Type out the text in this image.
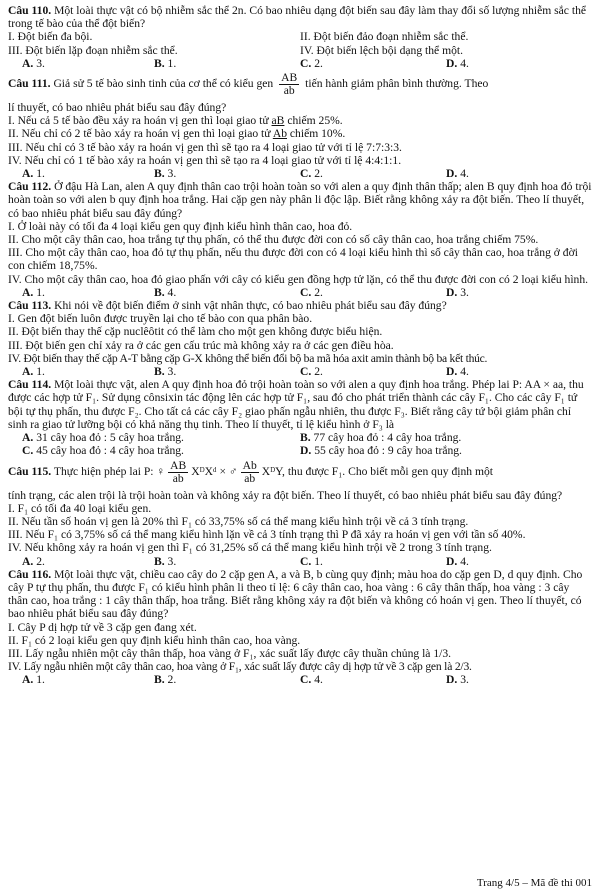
Câu 110. Một loài thực vật có bộ nhiễm sắc thể 2n. Có bao nhiêu dạng đột biến sau đây làm thay đổi số lượng nhiễm sắc thể trong tế bào của thể đột biến?

I. Đột biến đa bội.	II. Đột biến đảo đoạn nhiễm sắc thể.
III. Đột biến lặp đoạn nhiễm sắc thể.	IV. Đột biến lệch bội dạng thể một.
A. 3.	B. 1.	C. 2.	D. 4.

Câu 111. Giả sử 5 tế bào sinh tinh của cơ thể có kiểu gen $\frac{AB}{ab}$ tiến hành giảm phân bình thường. Theo

lí thuyết, có bao nhiêu phát biểu sau đây đúng?

I. Nếu cả 5 tế bào đều xảy ra hoán vị gen thì loại giao tử aB chiếm 25%.

II. Nếu chỉ có 2 tế bào xảy ra hoán vị gen thì loại giao tử Ab chiếm 10%.

III. Nếu chỉ có 3 tế bào xảy ra hoán vị gen thì sẽ tạo ra 4 loại giao tử với tỉ lệ 7:7:3:3.

IV. Nếu chỉ có 1 tế bào xảy ra hoán vị gen thì sẽ tạo ra 4 loại giao tử với tỉ lệ 4:4:1:1.

A. 1.	B. 3.	C. 2.	D. 4.

Câu 112. Ở đậu Hà Lan, alen A quy định thân cao trội hoàn toàn so với alen a quy định thân thấp; alen B quy định hoa đỏ trội hoàn toàn so với alen b quy định hoa trắng. Hai cặp gen này phân li độc lập. Biết rằng không xảy ra đột biến. Theo lí thuyết, có bao nhiêu phát biểu sau đây đúng?

I. Ở loài này có tối đa 4 loại kiểu gen quy định kiểu hình thân cao, hoa đỏ.

II. Cho một cây thân cao, hoa trắng tự thụ phấn, có thể thu được đời con có số cây thân cao, hoa trắng chiếm 75%.

III. Cho một cây thân cao, hoa đỏ tự thụ phấn, nếu thu được đời con có 4 loại kiểu hình thì số cây thân cao, hoa trắng ở đời con chiếm 18,75%.

IV. Cho một cây thân cao, hoa đỏ giao phấn với cây có kiểu gen đồng hợp tử lặn, có thể thu được đời con có 2 loại kiểu hình.

A. 1.	B. 4.	C. 2.	D. 3.

Câu 113. Khi nói về đột biến điểm ở sinh vật nhân thực, có bao nhiêu phát biểu sau đây đúng?

I. Gen đột biến luôn được truyền lại cho tế bào con qua phân bào.

II. Đột biến thay thế cặp nuclêôtit có thể làm cho một gen không được biểu hiện.

III. Đột biến gen chỉ xảy ra ở các gen cấu trúc mà không xảy ra ở các gen điều hòa.

IV. Đột biến thay thế cặp A-T bằng cặp G-X không thể biến đổi bộ ba mã hóa axit amin thành bộ ba kết thúc.

A. 1.	B. 3.	C. 2.	D. 4.

Câu 114. Một loài thực vật, alen A quy định hoa đỏ trội hoàn toàn so với alen a quy định hoa trắng. Phép lai P: AA × aa, thu được các hợp tử F₁. Sử dụng cônsixin tác động lên các hợp tử F₁, sau đó cho phát triển thành các cây F₁. Cho các cây F₁ tứ bội tự thụ phấn, thu được F₂. Cho tất cả các cây F₂ giao phấn ngẫu nhiên, thu được F₃. Biết rằng cây tứ bội giảm phân chỉ sinh ra giao tử lưỡng bội có khả năng thụ tinh. Theo lí thuyết, tỉ lệ kiểu hình ở F₃ là

A. 31 cây hoa đỏ : 5 cây hoa trắng.	B. 77 cây hoa đỏ : 4 cây hoa trắng.
C. 45 cây hoa đỏ : 4 cây hoa trắng.	D. 55 cây hoa đỏ : 9 cây hoa trắng.

Câu 115. Thực hiện phép lai P: ♀ $\frac{AB}{ab}$ XᴰXᵈ × ♂ $\frac{Ab}{ab}$ XᴰY, thu được F₁. Cho biết mỗi gen quy định một

tính trạng, các alen trội là trội hoàn toàn và không xảy ra đột biến. Theo lí thuyết, có bao nhiêu phát biểu sau đây đúng?

I. F₁ có tối đa 40 loại kiểu gen.

II. Nếu tần số hoán vị gen là 20% thì F₁ có 33,75% số cá thể mang kiểu hình trội về cả 3 tính trạng.

III. Nếu F₁ có 3,75% số cá thể mang kiểu hình lặn về cả 3 tính trạng thì P đã xảy ra hoán vị gen với tần số 40%.

IV. Nếu không xảy ra hoán vị gen thì F₁ có 31,25% số cá thể mang kiểu hình trội về 2 trong 3 tính trạng.

A. 2.	B. 3.	C. 1.	D. 4.

Câu 116. Một loài thực vật, chiều cao cây do 2 cặp gen A, a và B, b cùng quy định; màu hoa do cặp gen D, d quy định. Cho cây P tự thụ phấn, thu được F₁ có kiểu hình phân li theo tỉ lệ: 6 cây thân cao, hoa vàng : 6 cây thân thấp, hoa vàng : 3 cây thân cao, hoa trắng : 1 cây thân thấp, hoa trắng. Biết rằng không xảy ra đột biến và không có hoán vị gen. Theo lí thuyết, có bao nhiêu phát biểu sau đây đúng?

I. Cây P dị hợp tử về 3 cặp gen đang xét.

II. F₁ có 2 loại kiểu gen quy định kiểu hình thân cao, hoa vàng.

III. Lấy ngẫu nhiên một cây thân thấp, hoa vàng ở F₁, xác suất lấy được cây thuần chủng là 1/3.

IV. Lấy ngẫu nhiên một cây thân cao, hoa vàng ở F₁, xác suất lấy được cây dị hợp tử về 3 cặp gen là 2/3.

A. 1.	B. 2.	C. 4.	D. 3.
Trang 4/5 – Mã đề thi 001
